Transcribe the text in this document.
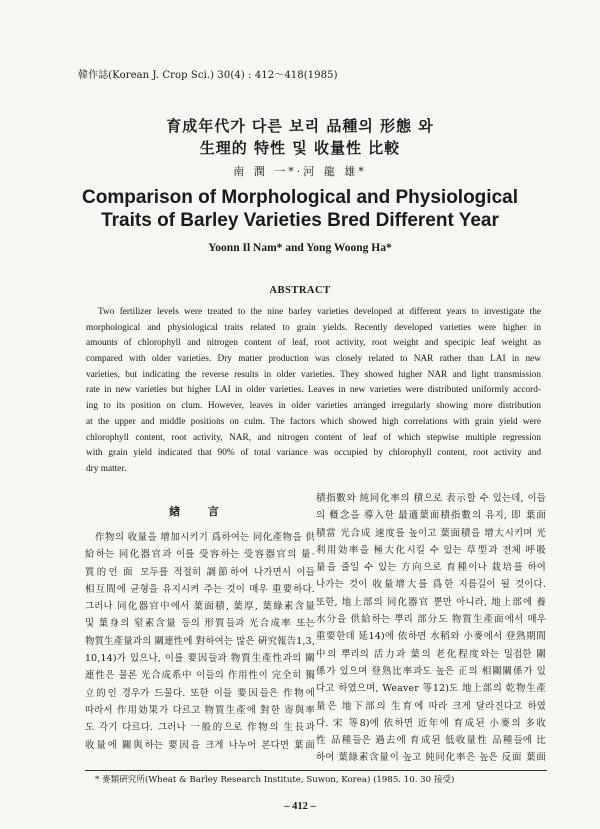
韓作誌(Korean J. Crop Sci.) 30(4) : 412～418(1985)
育成年代가 다른 보리 品種의 形態 와
生理的 特性 및 收量性 比較
南 潤 一*·河 龍 雄*
Comparison of Morphological and Physiological
Traits of Barley Varieties Bred Different Year
Yoonn Il Nam* and Yong Woong Ha*
ABSTRACT
Two fertilizer levels were treated to the nine barley varieties developed at different years to investigate the
morphological and physiological traits related to grain yields. Recently developed varieties were higher in
amounts of chlorophyll and nitrogen content of leaf, root activity, root weight and specipic leaf weight as
compared with older varieties. Dry matter production was closely related to NAR rather than LAI in new
varieties, but indicating the reverse results in older varieties. They showed higher NAR and light transmission
rate in new varieties but higher LAI in older varieties. Leaves in new varieties were distributed uniformly accord-
ing to its position on clum. However, leaves in older varieties arranged irregularly showing more distribution
at the upper and middle positions on culm. The factors which showed high correlations with grain yield were
chlorophyll content, root activity, NAR, and nitrogen content of leaf of which stepwise multiple regression
with grain yield indicated that 90% of total variance was occupied by chlorophyll content, root activity and
dry matter.
緖 言
作物의 收量을 增加시키기 爲하여는 同化產物을 供
給하는 同化器官과 이를 受容하는 受容器官의 量·
質的인 面 모두를 적절히 調節하여 나가면서 이들
相互間에 균형을 유지시켜 주는 것이 매우 重要하다.
그러나 同化器官中에서 葉面積, 葉厚, 葉綠素含量
및 葉身의 窒素含量 등의 形質들과 光合成率 또는
物質生產量과의 關連性에 對하여는 많은 硏究報告1,3,
10,14)가 있으나, 이를 要因들과 物質生產性과의 關
連性은 물론 光合成系中 이들의 作用性이 完全히 獨
立的인 경우가 드물다. 또한 이들 要因들은 作物에
따라서 作用効果가 다르고 物質生產에 對한 寄與率
도 각기 다르다. 그러나 一般的으로 作物의 生長과
收量에 關與하는 要因을 크게 나누어 본다면 葉面
積指數와 純同化率의 積으로 表示할 수 있는데, 이들
의 槪念을 導入한 最適葉面積指數의 유지, 即 葉面
積當 光合成 速度를 높이고 葉面積을 增大시키며 光
利用効率을 極大化시킬 수 있는 草型과 전체 呼吸
量을 줄일 수 있는 方向으로 育種이나 栽培를 하여
나가는 것이 收量增大를 爲한 지름길이 될 것이다.
또한, 地上部의 同化器官 뿐만 아니라, 地上部에 養
水分을 供給하는 뿌리 部分도 物質生產面에서 매우
重要한데 延14)에 依하면 水稻와 小麥에서 登熟期間
中의 뿌리의 活力과 葉의 老化程度와는 밀접한 關
係가 있으며 登熟比率과도 높은 正의 相關關係가 있
다고 하였으며, Weaver 等12)도 地上部의 乾物生產
量은 地下部의 生育에 따라 크게 달라진다고 하였
다. 宋 等8)에 依하면 近年에 育成된 小麥의 多收
性 品種들은 過去에 育成된 低收量性 品種들에 比
하여 葉綠素含量이 높고 純同化率은 높은 反面 葉面
* 麥類硏究所(Wheat & Barley Research Institute, Suwon, Korea) (1985. 10. 30 接受)
– 412 –
